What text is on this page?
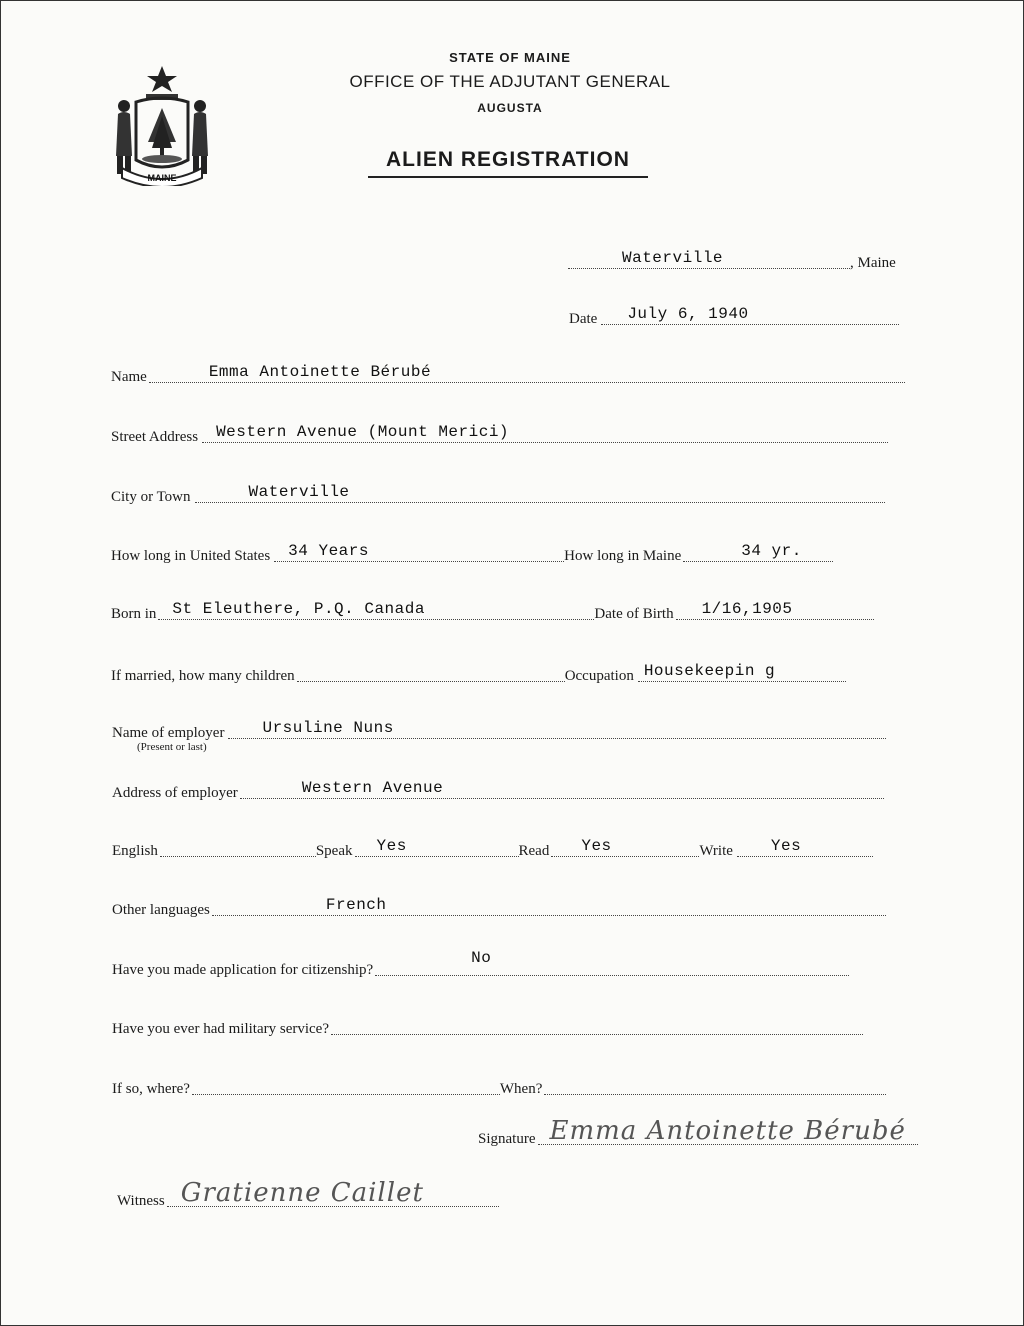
MAINE
STATE OF MAINE
OFFICE OF THE ADJUTANT GENERAL
AUGUSTA
ALIEN REGISTRATION
Waterville	, Maine
Date July 6, 1940
Name	Emma Antoinette Bérubé
Street Address Western Avenue (Mount Merici)
City or Town	Waterville
How long in United States 34 Years	How long in Maine	34 yr.
Born in St Eleuthere, P.Q. Canada	Date of Birth 1/16,1905
If married, how many children	Occupation Housekeepin g
Name of employer Ursuline Nuns
(Present or last)
Address of employer	Western Avenue
English	Speak Yes	Read Yes	Write Yes
Other languages	French
Have you made application for citizenship?
No
Have you ever had military service?
If so, where?	When?
Signature Emma Antoinette Bérubé
Witness Gratienne Caillet
